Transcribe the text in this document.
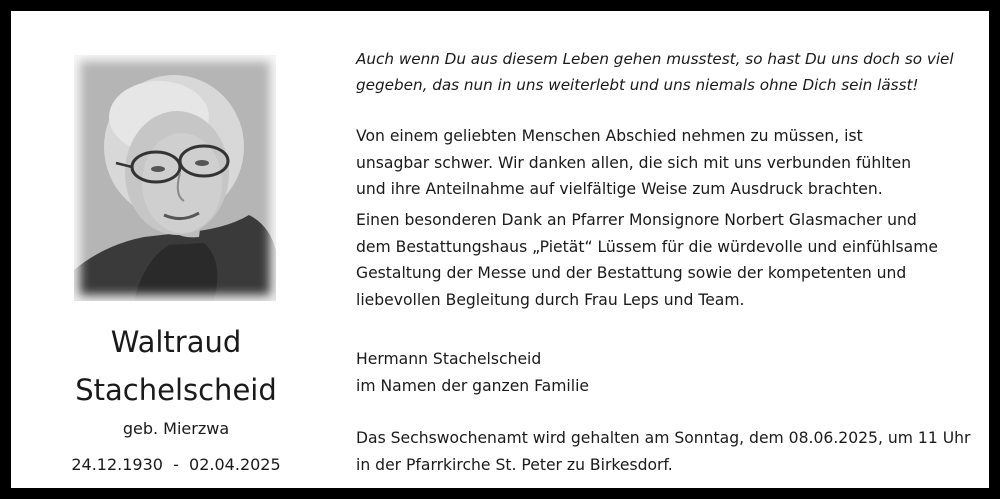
Waltraud
Stachelscheid
geb. Mierzwa
24.12.1930  -  02.04.2025
Auch wenn Du aus diesem Leben gehen musstest, so hast Du uns doch so viel
gegeben, das nun in uns weiterlebt und uns niemals ohne Dich sein lässt!
Von einem geliebten Menschen Abschied nehmen zu müssen, ist
unsagbar schwer. Wir danken allen, die sich mit uns verbunden fühlten
und ihre Anteilnahme auf vielfältige Weise zum Ausdruck brachten.
Einen besonderen Dank an Pfarrer Monsignore Norbert Glasmacher und
dem Bestattungshaus „Pietät“ Lüssem für die würdevolle und einfühlsame
Gestaltung der Messe und der Bestattung sowie der kompetenten und
liebevollen Begleitung durch Frau Leps und Team.
Hermann Stachelscheid
im Namen der ganzen Familie
Das Sechswochenamt wird gehalten am Sonntag, dem 08.06.2025, um 11 Uhr
in der Pfarrkirche St. Peter zu Birkesdorf.
